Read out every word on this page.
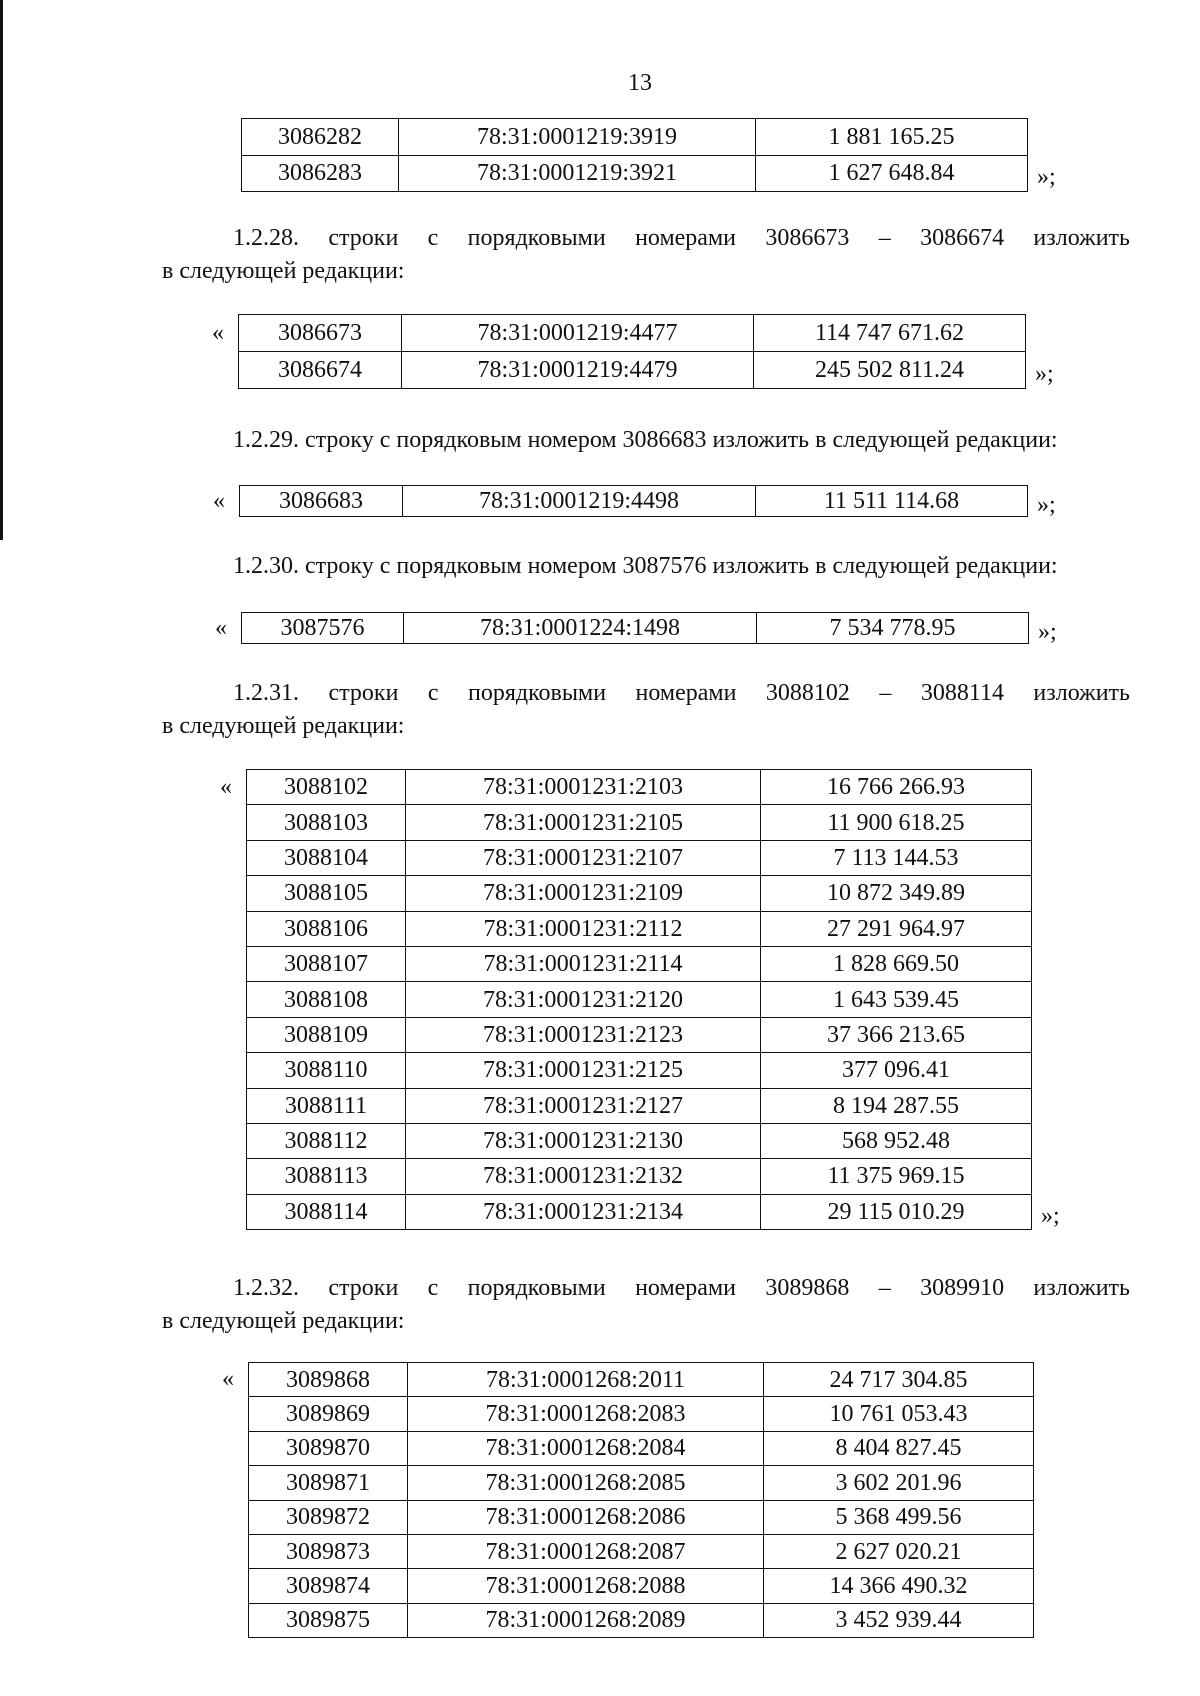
13
3086282	78:31:0001219:3919	1 881 165.25
3086283	78:31:0001219:3921	1 627 648.84	»;

1.2.28. строки с порядковыми номерами 3086673 – 3086674 изложить
в следующей редакции:

« 3086673	78:31:0001219:4477	114 747 671.62
3086674	78:31:0001219:4479	245 502 811.24	»;

1.2.29. строку с порядковым номером 3086683 изложить в следующей редакции:

« 3086683	78:31:0001219:4498	11 511 114.68	»;

1.2.30. строку с порядковым номером 3087576 изложить в следующей редакции:

« 3087576	78:31:0001224:1498	7 534 778.95	»;

1.2.31. строки с порядковыми номерами 3088102 – 3088114 изложить
в следующей редакции:

« 3088102	78:31:0001231:2103	16 766 266.93
3088103	78:31:0001231:2105	11 900 618.25
3088104	78:31:0001231:2107	7 113 144.53
3088105	78:31:0001231:2109	10 872 349.89
3088106	78:31:0001231:2112	27 291 964.97
3088107	78:31:0001231:2114	1 828 669.50
3088108	78:31:0001231:2120	1 643 539.45
3088109	78:31:0001231:2123	37 366 213.65
3088110	78:31:0001231:2125	377 096.41
3088111	78:31:0001231:2127	8 194 287.55
3088112	78:31:0001231:2130	568 952.48
3088113	78:31:0001231:2132	11 375 969.15
3088114	78:31:0001231:2134	29 115 010.29	»;

1.2.32. строки с порядковыми номерами 3089868 – 3089910 изложить
в следующей редакции:

« 3089868	78:31:0001268:2011	24 717 304.85
3089869	78:31:0001268:2083	10 761 053.43
3089870	78:31:0001268:2084	8 404 827.45
3089871	78:31:0001268:2085	3 602 201.96
3089872	78:31:0001268:2086	5 368 499.56
3089873	78:31:0001268:2087	2 627 020.21
3089874	78:31:0001268:2088	14 366 490.32
3089875	78:31:0001268:2089	3 452 939.44
